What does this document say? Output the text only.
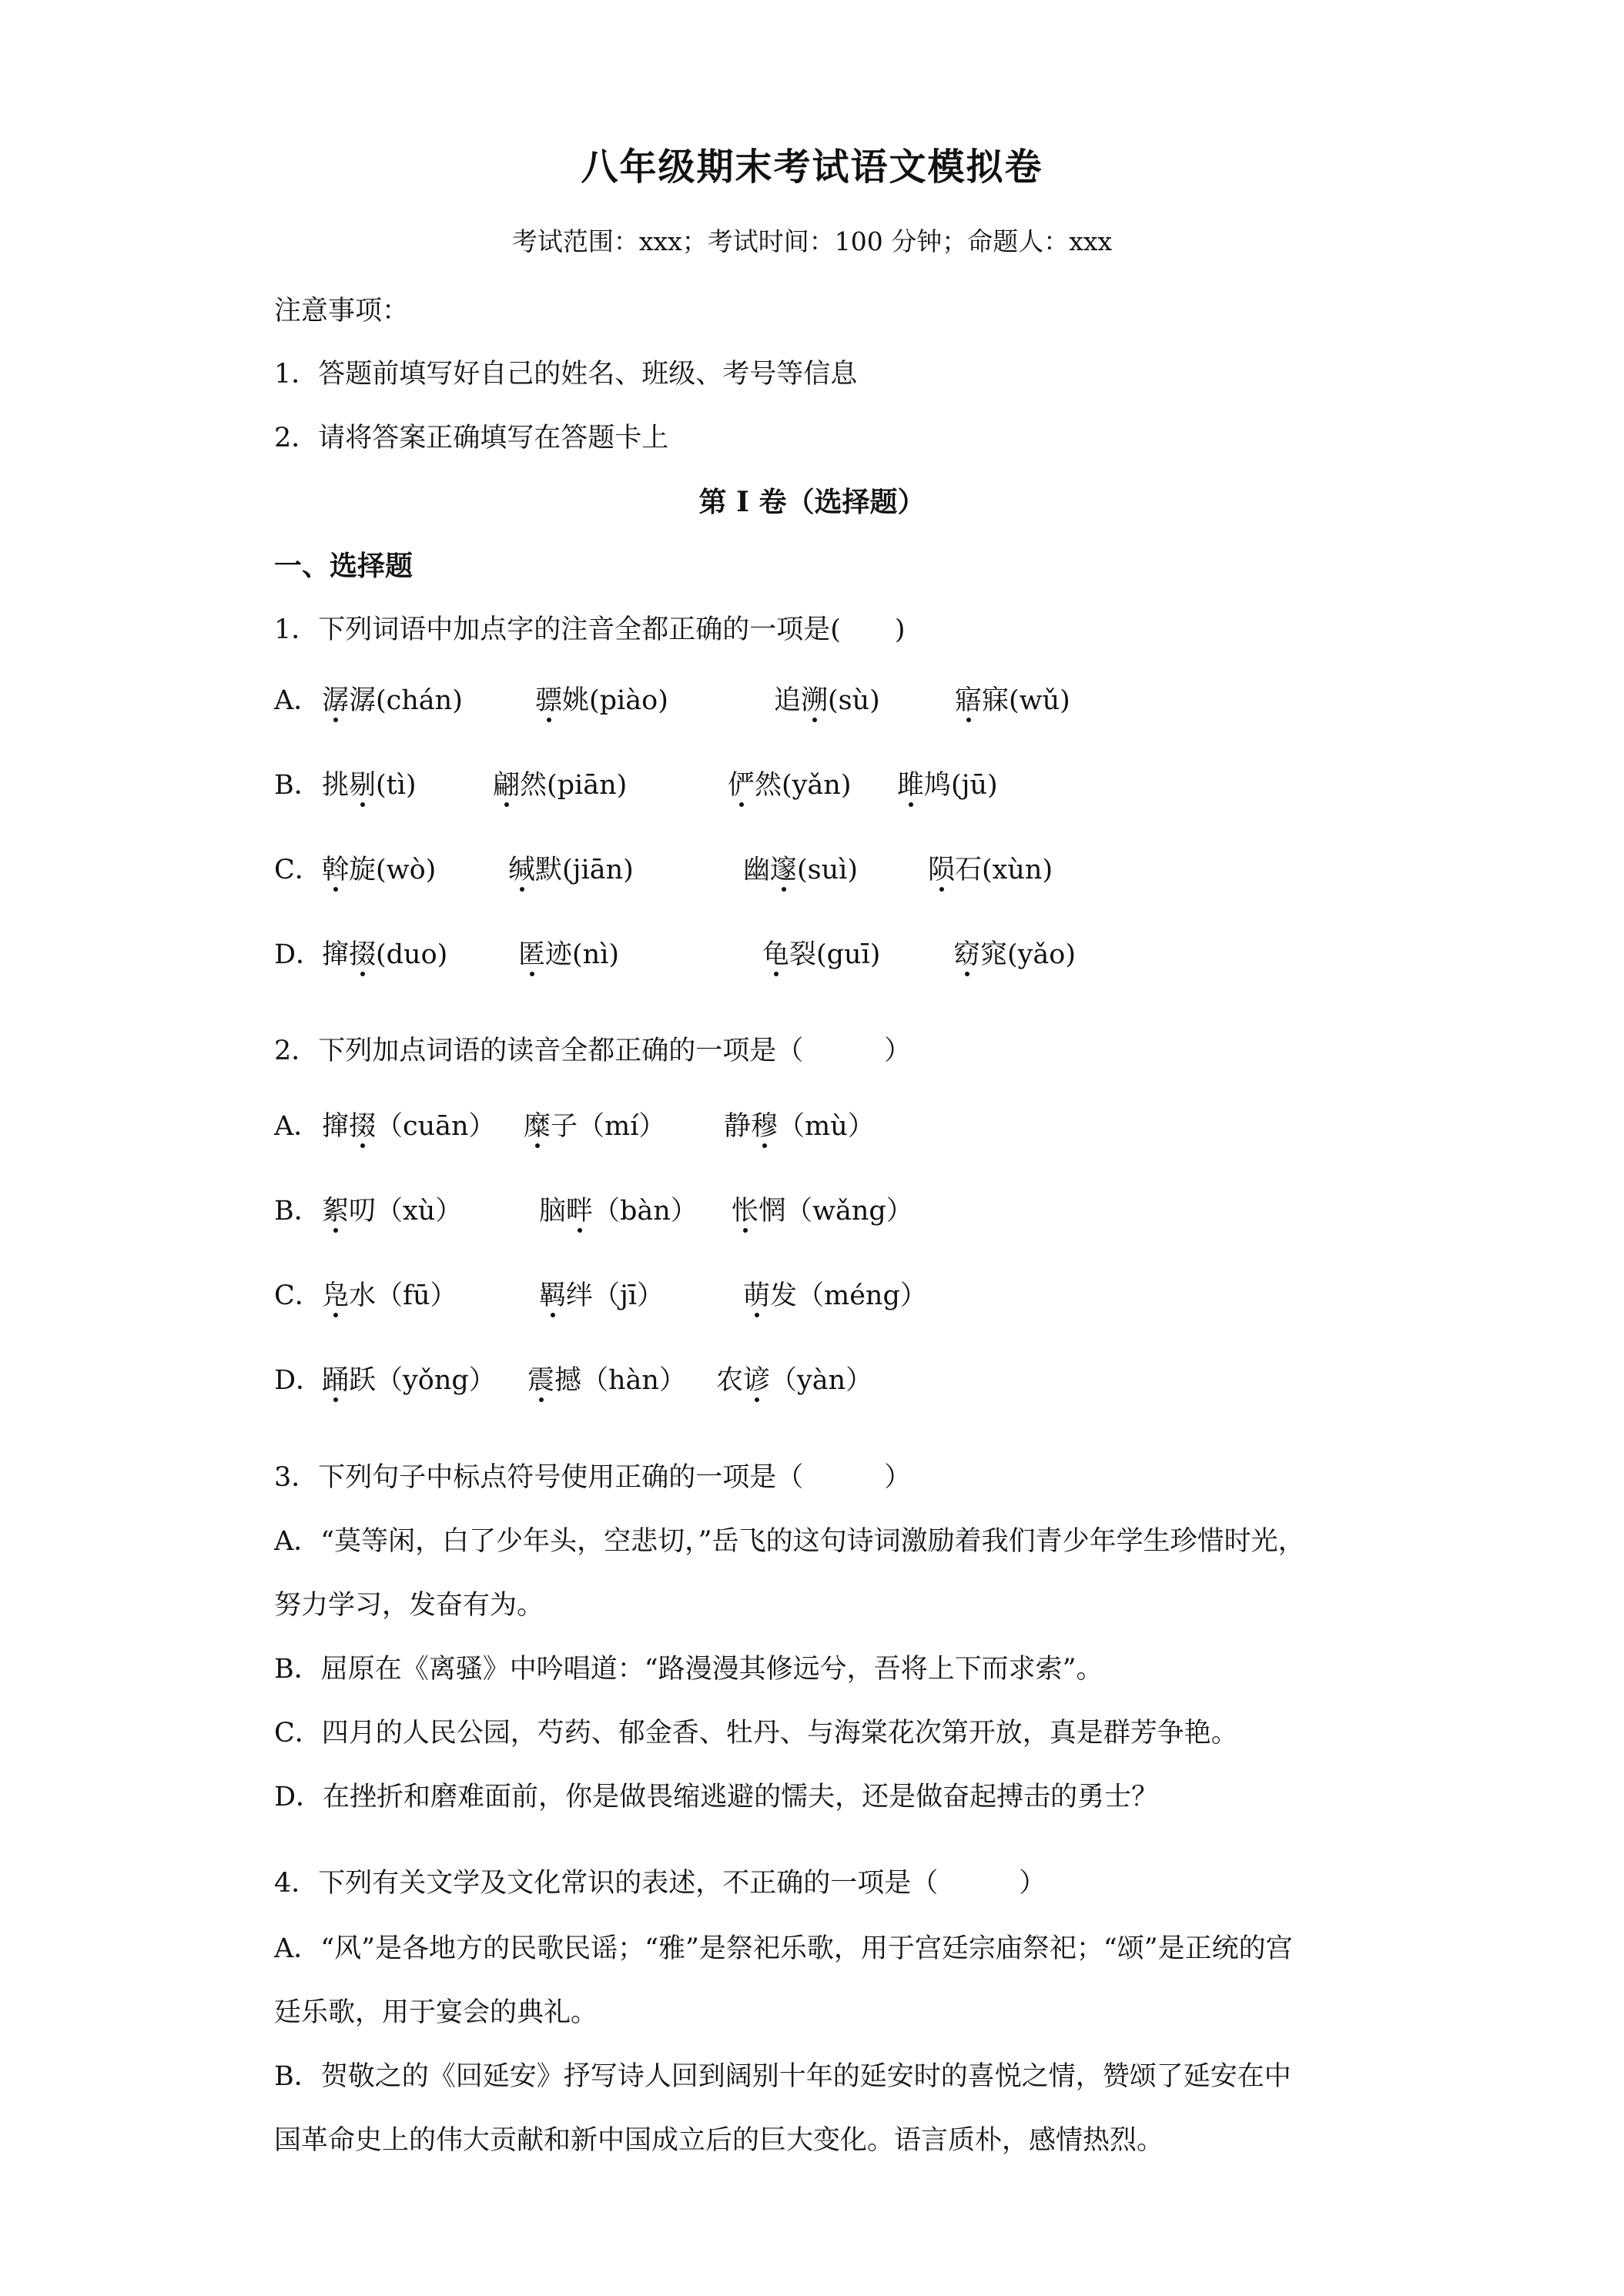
八年级期末考试语文模拟卷
考试范围：xxx；考试时间：100 分钟；命题人：xxx
注意事项：
1．答题前填写好自己的姓名、班级、考号等信息
2．请将答案正确填写在答题卡上
第 I 卷（选择题）
一、选择题
1．下列词语中加点字的注音全都正确的一项是(　　)
A． 潺潺(chán)	骠姚(piào)	追溯(sù)	寤寐(wǔ)
B． 挑剔(tì)	翩然(piān)	俨然(yǎn) 雎鸠(jū)
C． 斡旋(wò)	缄默(jiān)	幽邃(suì)	陨石(xùn)
D．
撺掇(duo)	匿迹(nì)	龟裂(guī)	窈窕(yǎo)
2．下列加点词语的读音全都正确的一项是（　　　）
A． 撺掇（cuān） 糜子（mí） 静穆（mù）
B． 絮叨（xù）	脑畔（bàn） 怅惘（wǎng）
C． 凫水（fū）	羁绊（jī）	萌发（méng）
D．
踊跃（yǒng） 震撼（hàn） 农谚（yàn）
3．下列句子中标点符号使用正确的一项是（　　　）
A．“莫等闲，白了少年头，空悲切，”岳飞的这句诗词激励着我们青少年学生珍惜时光，
努力学习，发奋有为。
B．屈原在《离骚》中吟唱道：“路漫漫其修远兮，吾将上下而求索”。
C．四月的人民公园，芍药、郁金香、牡丹、与海棠花次第开放，真是群芳争艳。
D．在挫折和磨难面前，你是做畏缩逃避的懦夫，还是做奋起搏击的勇士？
4．下列有关文学及文化常识的表述，不正确的一项是（　　　）
A．“风”是各地方的民歌民谣；“雅”是祭祀乐歌，用于宫廷宗庙祭祀；“颂”是正统的宫
廷乐歌，用于宴会的典礼。
B．贺敬之的《回延安》抒写诗人回到阔别十年的延安时的喜悦之情，赞颂了延安在中
国革命史上的伟大贡献和新中国成立后的巨大变化。语言质朴，感情热烈。
